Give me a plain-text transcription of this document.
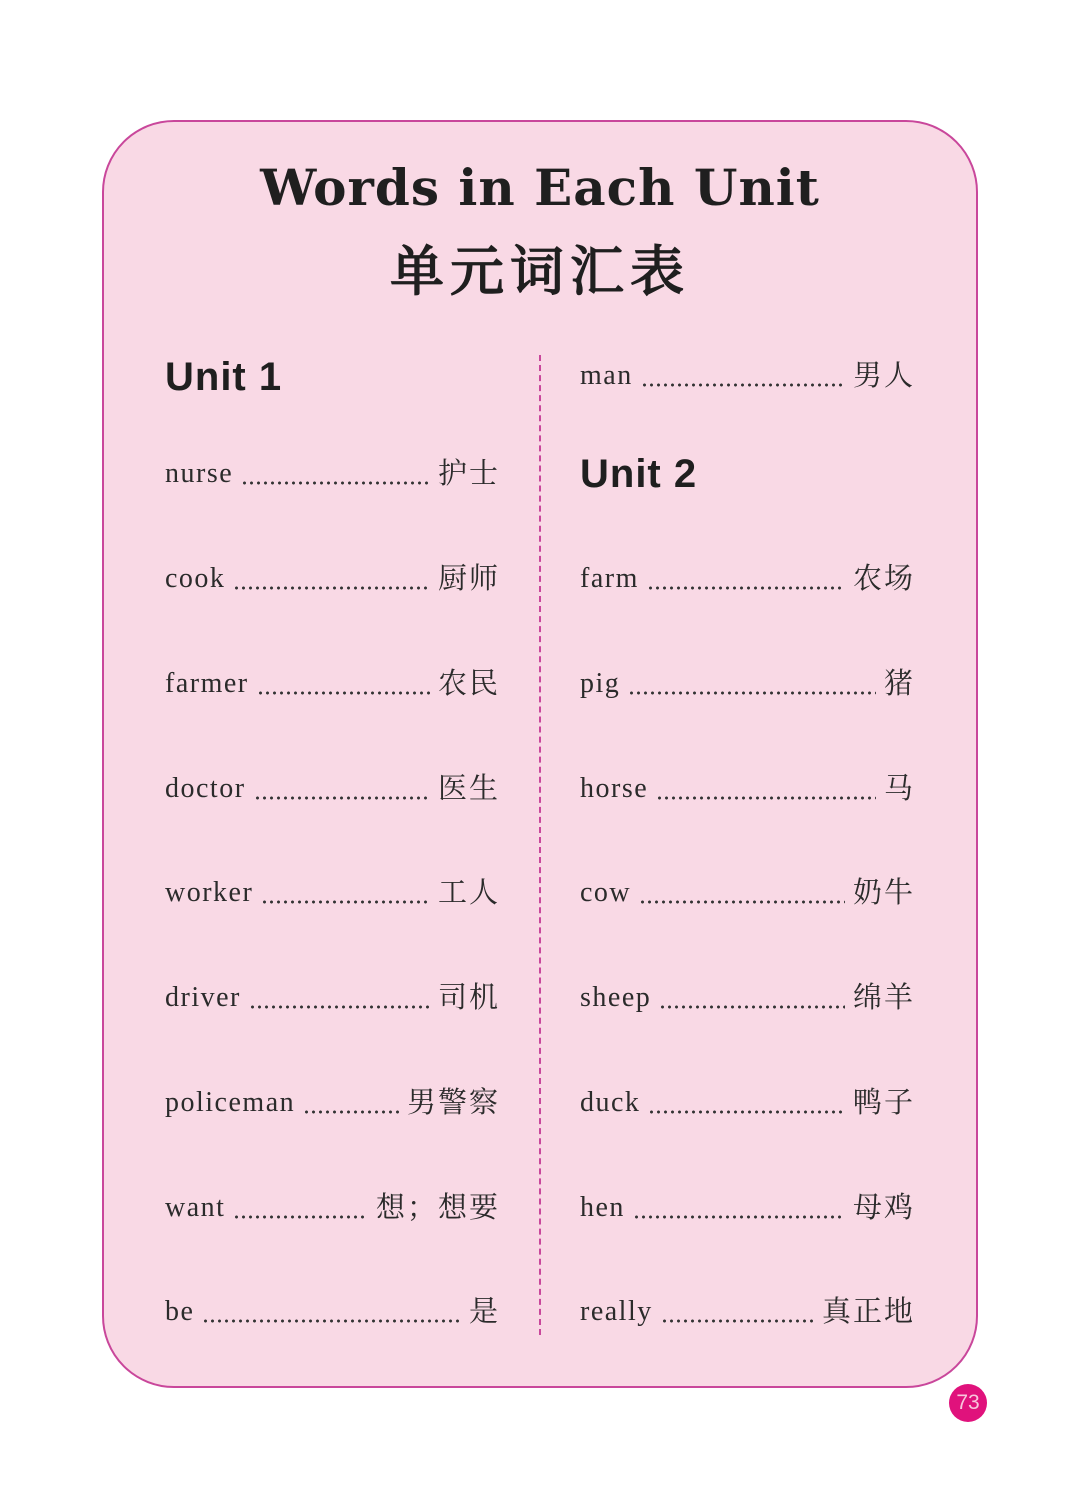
Words in Each Unit
单元词汇表
Unit 1
nurse	护士
cook	厨师
farmer	农民
doctor	医生
worker	工人
driver	司机
policeman	男警察
want	想；想要
be	是
man	男人
Unit 2
farm	农场
pig	猪
horse	马
cow	奶牛
sheep	绵羊
duck	鸭子
hen	母鸡
really	真正地
73
